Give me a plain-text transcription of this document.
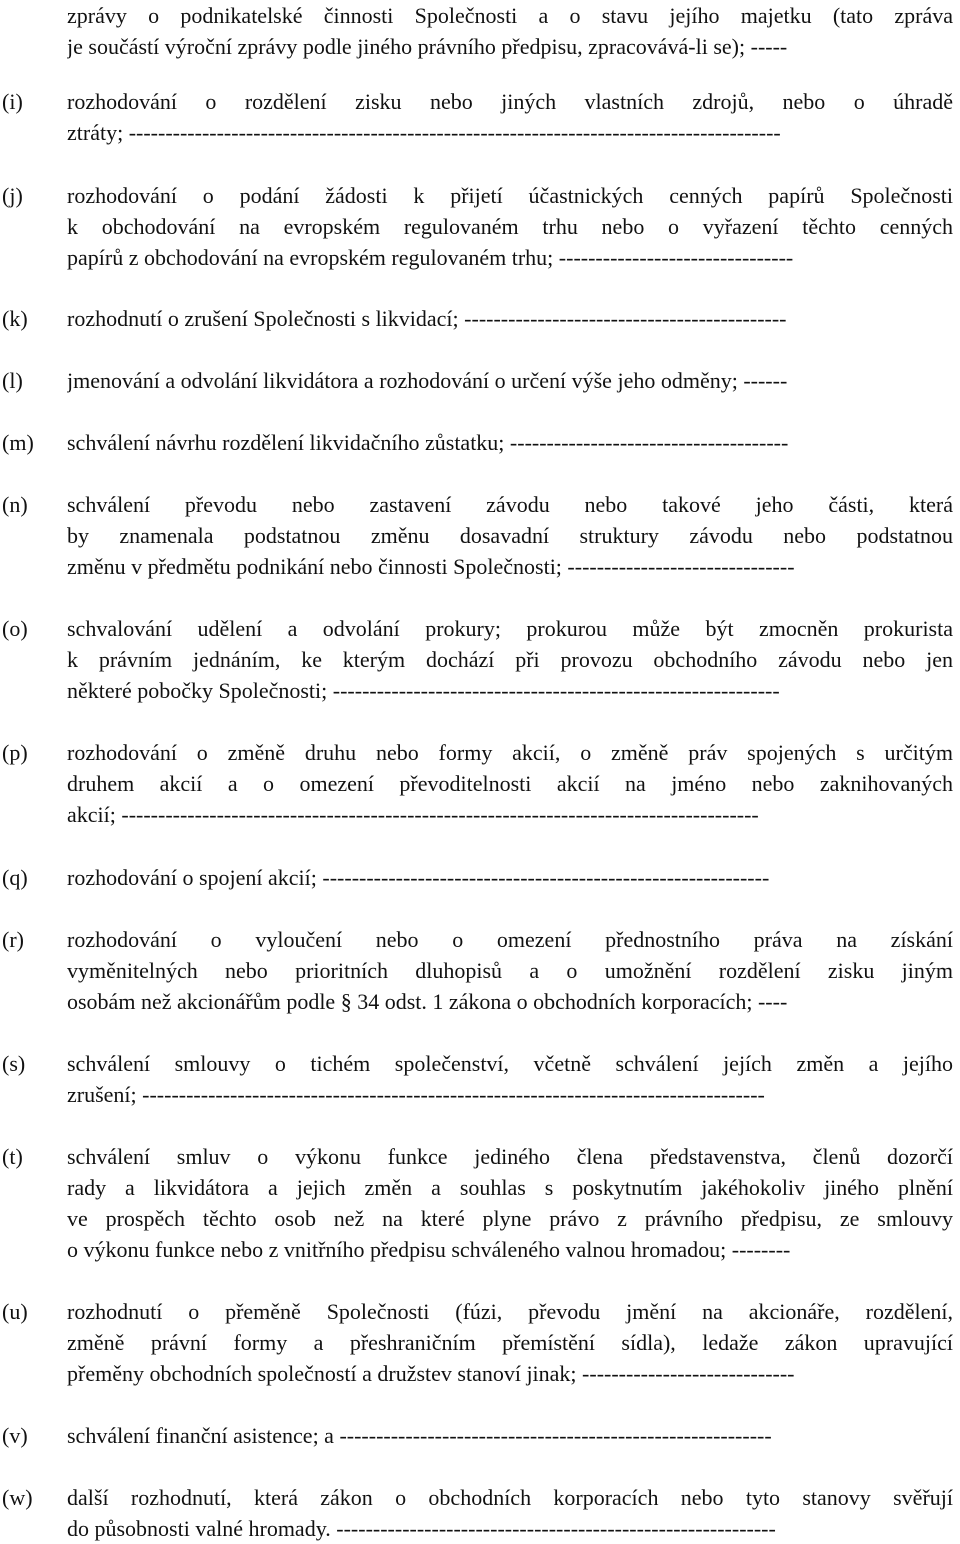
zprávy o podnikatelské činnosti Společnosti a o stavu jejího majetku (tato zpráva
je součástí výroční zprávy podle jiného právního předpisu, zpracovává-li se); -----
(i) rozhodování o rozdělení zisku nebo jiných vlastních zdrojů, nebo o úhradě
ztráty; -----------------------------------------------------------------------------------------
(j) rozhodování o podání žádosti k přijetí účastnických cenných papírů Společnosti
k obchodování na evropském regulovaném trhu nebo o vyřazení těchto cenných
papírů z obchodování na evropském regulovaném trhu; --------------------------------
(k) rozhodnutí o zrušení Společnosti s likvidací; --------------------------------------------
(l) jmenování a odvolání likvidátora a rozhodování o určení výše jeho odměny; ------
(m) schválení návrhu rozdělení likvidačního zůstatku; --------------------------------------
(n) schválení převodu nebo zastavení závodu nebo takové jeho části, která
by znamenala podstatnou změnu dosavadní struktury závodu nebo podstatnou
změnu v předmětu podnikání nebo činnosti Společnosti; -------------------------------
(o) schvalování udělení a odvolání prokury; prokurou může být zmocněn prokurista
k právním jednáním, ke kterým dochází při provozu obchodního závodu nebo jen
některé pobočky Společnosti; -------------------------------------------------------------
(p) rozhodování o změně druhu nebo formy akcií, o změně práv spojených s určitým
druhem akcií a o omezení převoditelnosti akcií na jméno nebo zaknihovaných
akcií; ---------------------------------------------------------------------------------------
(q) rozhodování o spojení akcií; -------------------------------------------------------------
(r) rozhodování o vyloučení nebo o omezení přednostního práva na získání
vyměnitelných nebo prioritních dluhopisů a o umožnění rozdělení zisku jiným
osobám než akcionářům podle § 34 odst. 1 zákona o obchodních korporacích; ----
(s) schválení smlouvy o tichém společenství, včetně schválení jejích změn a jejího
zrušení; -------------------------------------------------------------------------------------
(t) schválení smluv o výkonu funkce jediného člena představenstva, členů dozorčí
rady a likvidátora a jejich změn a souhlas s poskytnutím jakéhokoliv jiného plnění
ve prospěch těchto osob než na které plyne právo z právního předpisu, ze smlouvy
o výkonu funkce nebo z vnitřního předpisu schváleného valnou hromadou; --------
(u) rozhodnutí o přeměně Společnosti (fúzi, převodu jmění na akcionáře, rozdělení,
změně právní formy a přeshraničním přemístění sídla), ledaže zákon upravující
přeměny obchodních společností a družstev stanoví jinak; -----------------------------
(v) schválení finanční asistence; a -----------------------------------------------------------
(w) další rozhodnutí, která zákon o obchodních korporacích nebo tyto stanovy svěřují
do působnosti valné hromady. ------------------------------------------------------------
